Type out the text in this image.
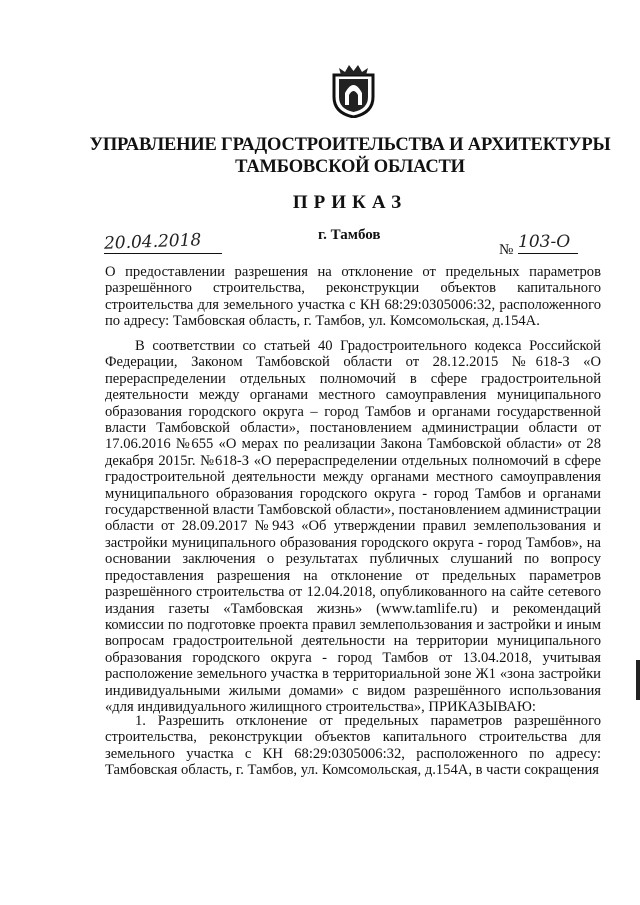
УПРАВЛЕНИЕ ГРАДОСТРОИТЕЛЬСТВА И АРХИТЕКТУРЫ
ТАМБОВСКОЙ ОБЛАСТИ
ПРИКАЗ
г. Тамбов
20.04.2018	№ 103-О
О предоставлении разрешения на отклонение от предельных параметров разрешённого строительства, реконструкции объектов капитального строительства для земельного участка с КН 68:29:0305006:32, расположенного по адресу: Тамбовская область, г. Тамбов, ул. Комсомольская, д.154А.
В соответствии со статьей 40 Градостроительного кодекса Российской Федерации, Законом Тамбовской области от 28.12.2015 №618-З «О перераспределении отдельных полномочий в сфере градостроительной деятельности между органами местного самоуправления муниципального образования городского округа – город Тамбов и органами государственной власти Тамбовской области», постановлением администрации области от 17.06.2016 №655 «О мерах по реализации Закона Тамбовской области» от 28 декабря 2015г. №618-З «О перераспределении отдельных полномочий в сфере градостроительной деятельности между органами местного самоуправления муниципального образования городского округа - город Тамбов и органами государственной власти Тамбовской области», постановлением администрации области от 28.09.2017 №943 «Об утверждении правил землепользования и застройки муниципального образования городского округа - город Тамбов», на основании заключения о результатах публичных слушаний по вопросу предоставления разрешения на отклонение от предельных параметров разрешённого строительства от 12.04.2018, опубликованного на сайте сетевого издания газеты «Тамбовская жизнь» (www.tamlife.ru) и рекомендаций комиссии по подготовке проекта правил землепользования и застройки и иным вопросам градостроительной деятельности на территории муниципального образования городского округа - город Тамбов от 13.04.2018, учитывая расположение земельного участка в территориальной зоне Ж1 «зона застройки индивидуальными жилыми домами» с видом разрешённого использования «для индивидуального жилищного строительства», ПРИКАЗЫВАЮ:
1. Разрешить отклонение от предельных параметров разрешённого строительства, реконструкции объектов капитального строительства для земельного участка с КН 68:29:0305006:32, расположенного по адресу: Тамбовская область, г. Тамбов, ул. Комсомольская, д.154А, в части сокращения
